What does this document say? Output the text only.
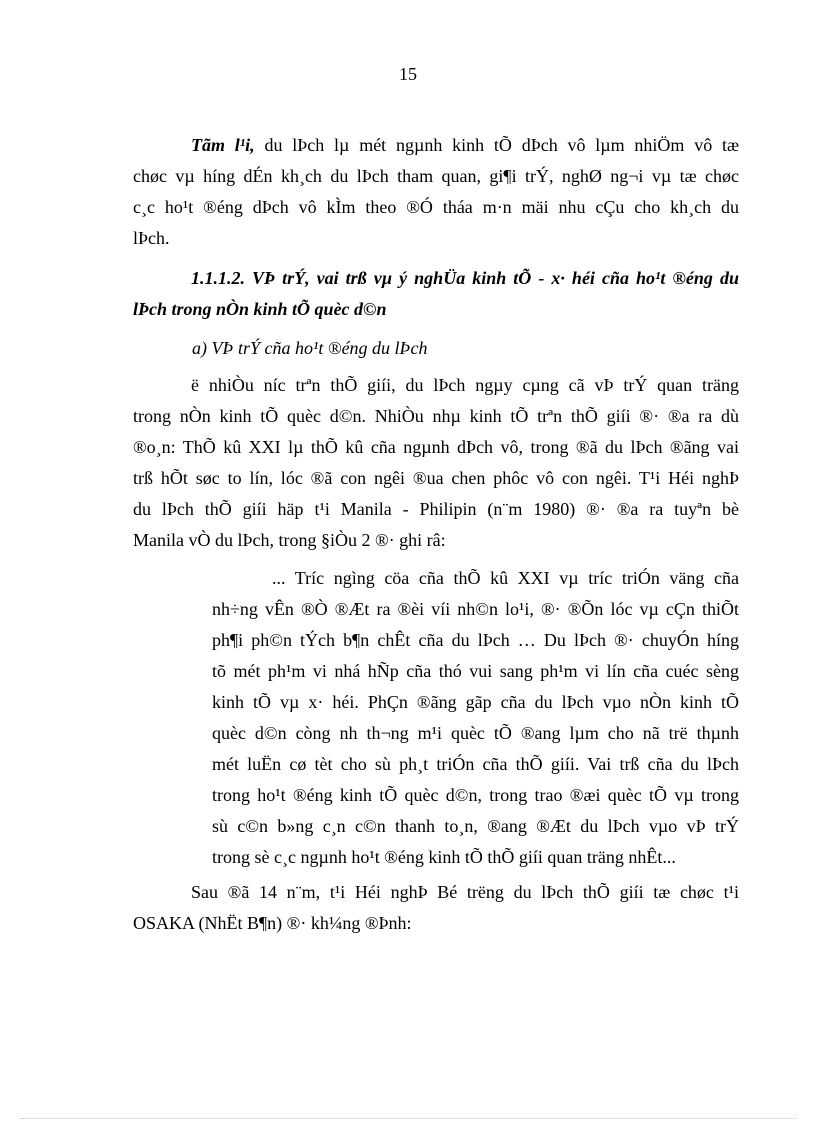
15
Tãm l¹i, du lÞch lµ mét ngµnh kinh tÕ dÞch vô lµm nhiÖm vô tæ
chøc vµ híng dÉn kh¸ch du lÞch tham quan, gi¶i trÝ, nghØ ng¬i vµ tæ chøc
c¸c ho¹t ®éng dÞch vô kÌm theo ®Ó tháa m·n mäi nhu cÇu cho kh¸ch du
lÞch.
1.1.1.2. VÞ trÝ, vai trß vµ ý nghÜa kinh tÕ - x· héi cña ho¹t ®éng du
lÞch trong nÒn kinh tÕ quèc d©n
a) VÞ trÝ cña ho¹t ®éng du lÞch
ë nhiÒu níc trªn thÕ giíi, du lÞch ngµy cµng cã vÞ trÝ quan träng
trong nÒn kinh tÕ quèc d©n. NhiÒu nhµ kinh tÕ trªn thÕ giíi ®· ®a ra dù
®o¸n: ThÕ kû XXI lµ thÕ kû cña ngµnh dÞch vô, trong ®ã du lÞch ®ãng vai
trß hÕt søc to lín, lóc ®ã con ngêi ®ua chen phôc vô con ngêi. T¹i Héi nghÞ
du lÞch thÕ giíi häp t¹i Manila - Philipin (n¨m 1980) ®· ®a ra tuyªn bè
Manila vÒ du lÞch, trong §iÒu 2 ®· ghi râ:
... Tríc ngìng cöa cña thÕ kû XXI vµ tríc triÓn väng cña
nh÷ng vÊn ®Ò ®Æt ra ®èi víi nh©n lo¹i, ®· ®Õn lóc vµ cÇn thiÕt
ph¶i ph©n tÝch b¶n chÊt cña du lÞch … Du lÞch ®· chuyÓn híng
tõ mét ph¹m vi nhá hÑp cña thó vui sang ph¹m vi lín cña cuéc sèng
kinh tÕ vµ x· héi. PhÇn ®ãng gãp cña du lÞch vµo nÒn kinh tÕ
quèc d©n còng nh th¬ng m¹i quèc tÕ ®ang lµm cho nã trë thµnh
mét luËn cø tèt cho sù ph¸t triÓn cña thÕ giíi. Vai trß cña du lÞch
trong ho¹t ®éng kinh tÕ quèc d©n, trong trao ®æi quèc tÕ vµ trong
sù c©n b»ng c¸n c©n thanh to¸n, ®ang ®Æt du lÞch vµo vÞ trÝ
trong sè c¸c ngµnh ho¹t ®éng kinh tÕ thÕ giíi quan träng nhÊt...
Sau ®ã 14 n¨m, t¹i Héi nghÞ Bé trëng du lÞch thÕ giíi tæ chøc t¹i
OSAKA (NhËt B¶n) ®· kh¼ng ®Þnh:
